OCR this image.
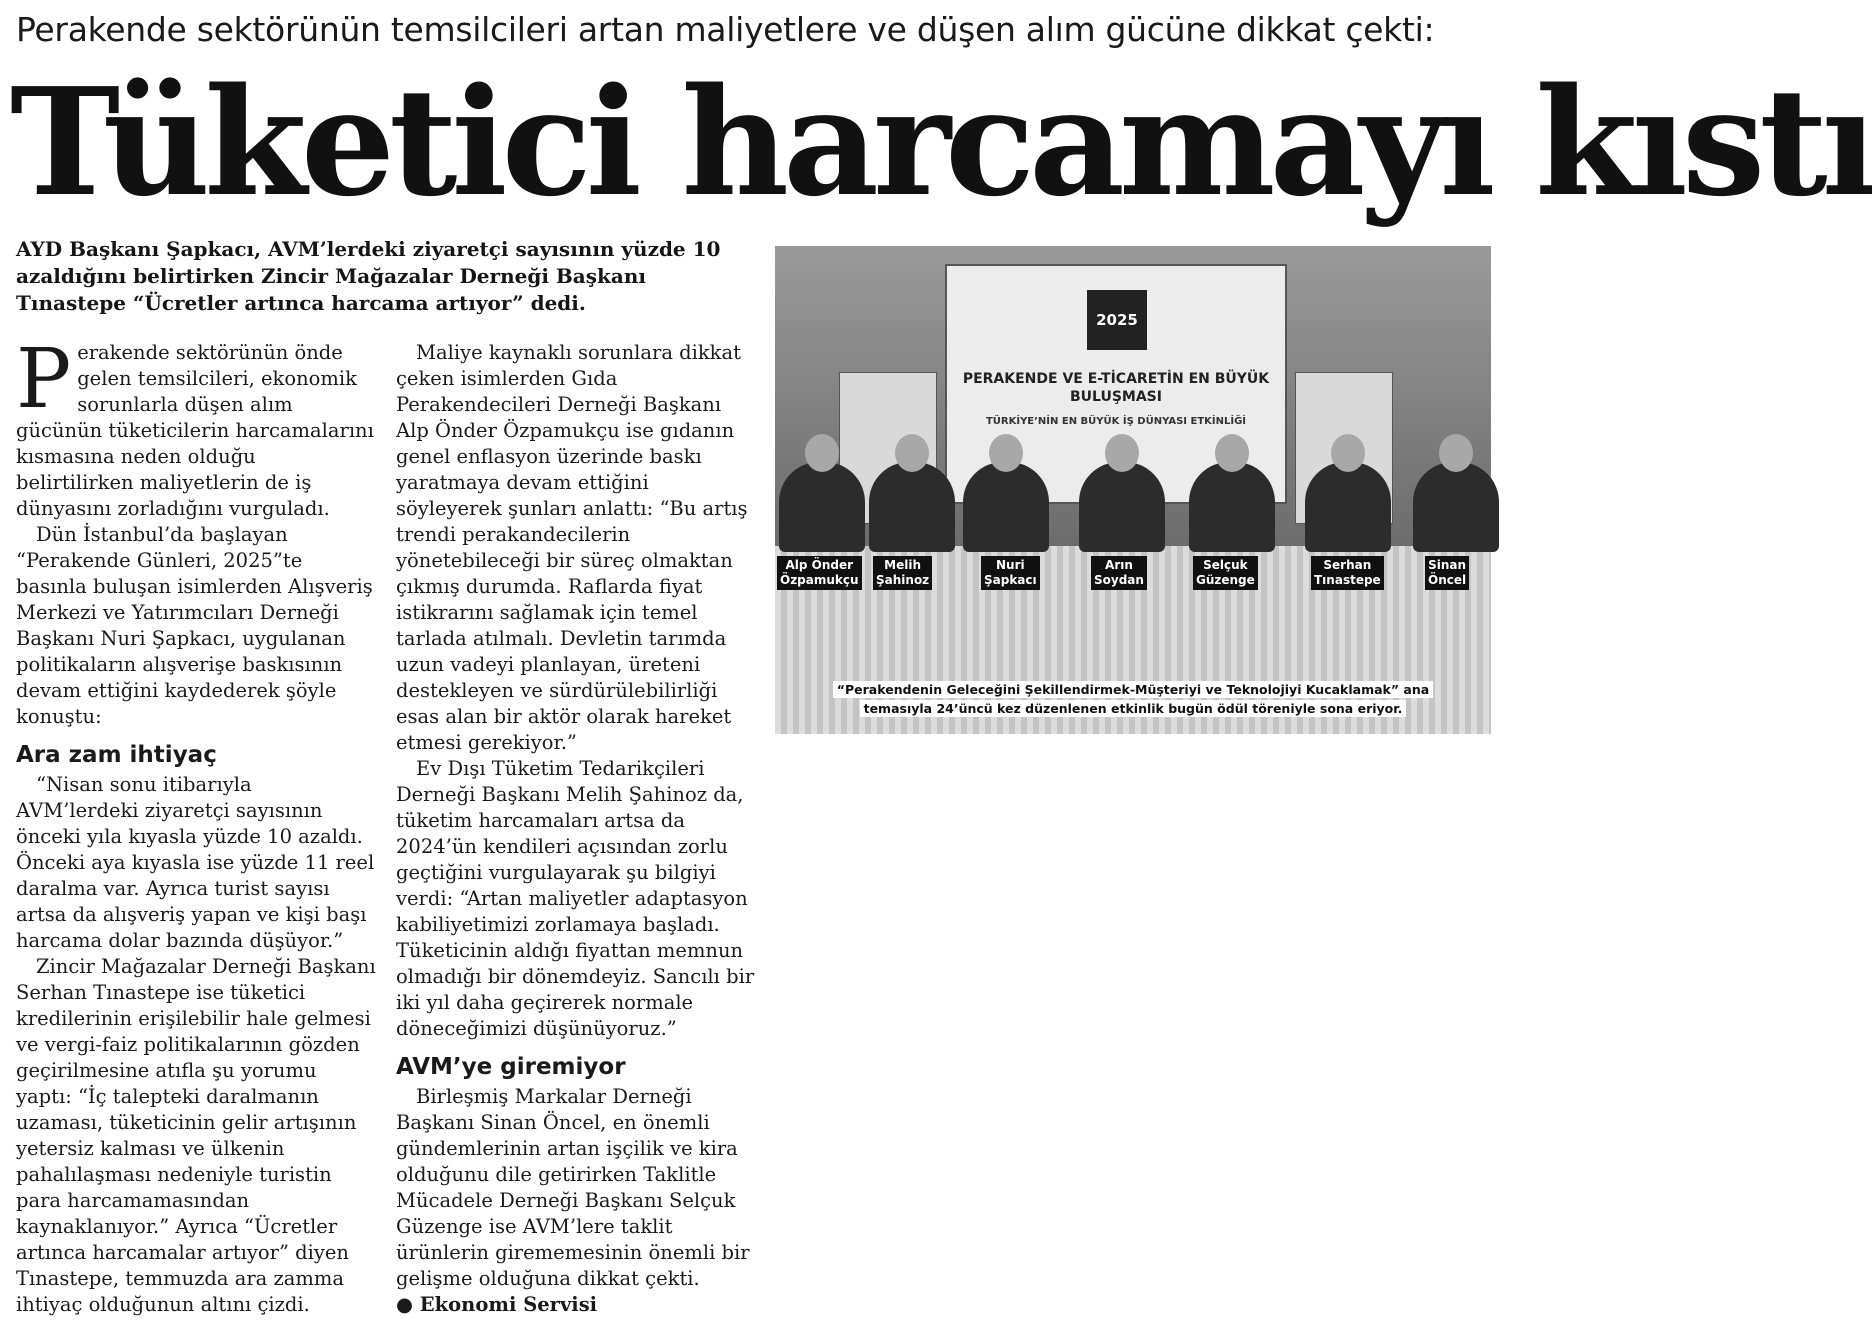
Perakende sektörünün temsilcileri artan maliyetlere ve düşen alım gücüne dikkat çekti:
Tüketici harcamayı kıstı
AYD Başkanı Şapkacı, AVM’lerdeki ziyaretçi sayısının yüzde 10 azaldığını belirtirken Zincir Mağazalar Derneği Başkanı Tınastepe “Ücretler artınca harcama artıyor” dedi.

Perakende sektörünün önde gelen temsilcileri, ekonomik sorunlarla düşen alım gücünün tüketicilerin harcamalarını kısmasına neden olduğu belirtilirken maliyetlerin de iş dünyasını zorladığını vurguladı.

Dün İstanbul’da başlayan “Perakende Günleri, 2025”te basınla buluşan isimlerden Alışveriş Merkezi ve Yatırımcıları Derneği Başkanı Nuri Şapkacı, uygulanan politikaların alışverişe baskısının devam ettiğini kaydederek şöyle konuştu:

Ara zam ihtiyaç

“Nisan sonu itibarıyla AVM’lerdeki ziyaretçi sayısının önceki yıla kıyasla yüzde 10 azaldı. Önceki aya kıyasla ise yüzde 11 reel daralma var. Ayrıca turist sayısı artsa da alışveriş yapan ve kişi başı harcama dolar bazında düşüyor.”

Zincir Mağazalar Derneği Başkanı Serhan Tınastepe ise tüketici kredilerinin erişilebilir hale gelmesi ve vergi-faiz politikalarının gözden geçirilmesine atıfla şu yorumu yaptı: “İç talepteki daralmanın uzaması, tüketicinin gelir artışının yetersiz kalması ve ülkenin pahalılaşması nedeniyle turistin para harcamamasından kaynaklanıyor.” Ayrıca “Ücretler artınca harcamalar artıyor” diyen Tınastepe, temmuzda ara zamma ihtiyaç olduğunun altını çizdi.

Maliye kaynaklı sorunlara dikkat çeken isimlerden Gıda Perakendecileri Derneği Başkanı Alp Önder Özpamukçu ise gıdanın genel enflasyon üzerinde baskı yaratmaya devam ettiğini söyleyerek şunları anlattı: “Bu artış trendi perakandecilerin yönetebileceği bir süreç olmaktan çıkmış durumda. Raflarda fiyat istikrarını sağlamak için temel tarlada atılmalı. Devletin tarımda uzun vadeyi planlayan, üreteni destekleyen ve sürdürülebilirliği esas alan bir aktör olarak hareket etmesi gerekiyor.”

Ev Dışı Tüketim Tedarikçileri Derneği Başkanı Melih Şahinoz da, tüketim harcamaları artsa da 2024’ün kendileri açısından zorlu geçtiğini vurgulayarak şu bilgiyi verdi: “Artan maliyetler adaptasyon kabiliyetimizi zorlamaya başladı. Tüketicinin aldığı fiyattan memnun olmadığı bir dönemdeyiz. Sancılı bir iki yıl daha geçirerek normale döneceğimizi düşünüyoruz.”

AVM’ye giremiyor

Birleşmiş Markalar Derneği Başkanı Sinan Öncel, en önemli gündemlerinin artan işçilik ve kira olduğunu dile getirirken Taklitle Mücadele Derneği Başkanı Selçuk Güzenge ise AVM’lere taklit ürünlerin girememesinin önemli bir gelişme olduğuna dikkat çekti.

● Ekonomi Servisi

2025
PERAKENDE VE E-TİCARETİN EN BÜYÜK BULUŞMASI
TÜRKİYE’NİN EN BÜYÜK İŞ DÜNYASI ETKİNLİĞİ
Alp Önder
Özpamukçu
Melih
Şahinoz
Nuri
Şapkacı
Arın
Soydan
Selçuk
Güzenge
Serhan
Tınastepe
Sinan
Öncel
“Perakendenin Geleceğini Şekillendirmek-Müşteriyi ve Teknolojiyi Kucaklamak” ana
temasıyla 24’üncü kez düzenlenen etkinlik bugün ödül töreniyle sona eriyor.
